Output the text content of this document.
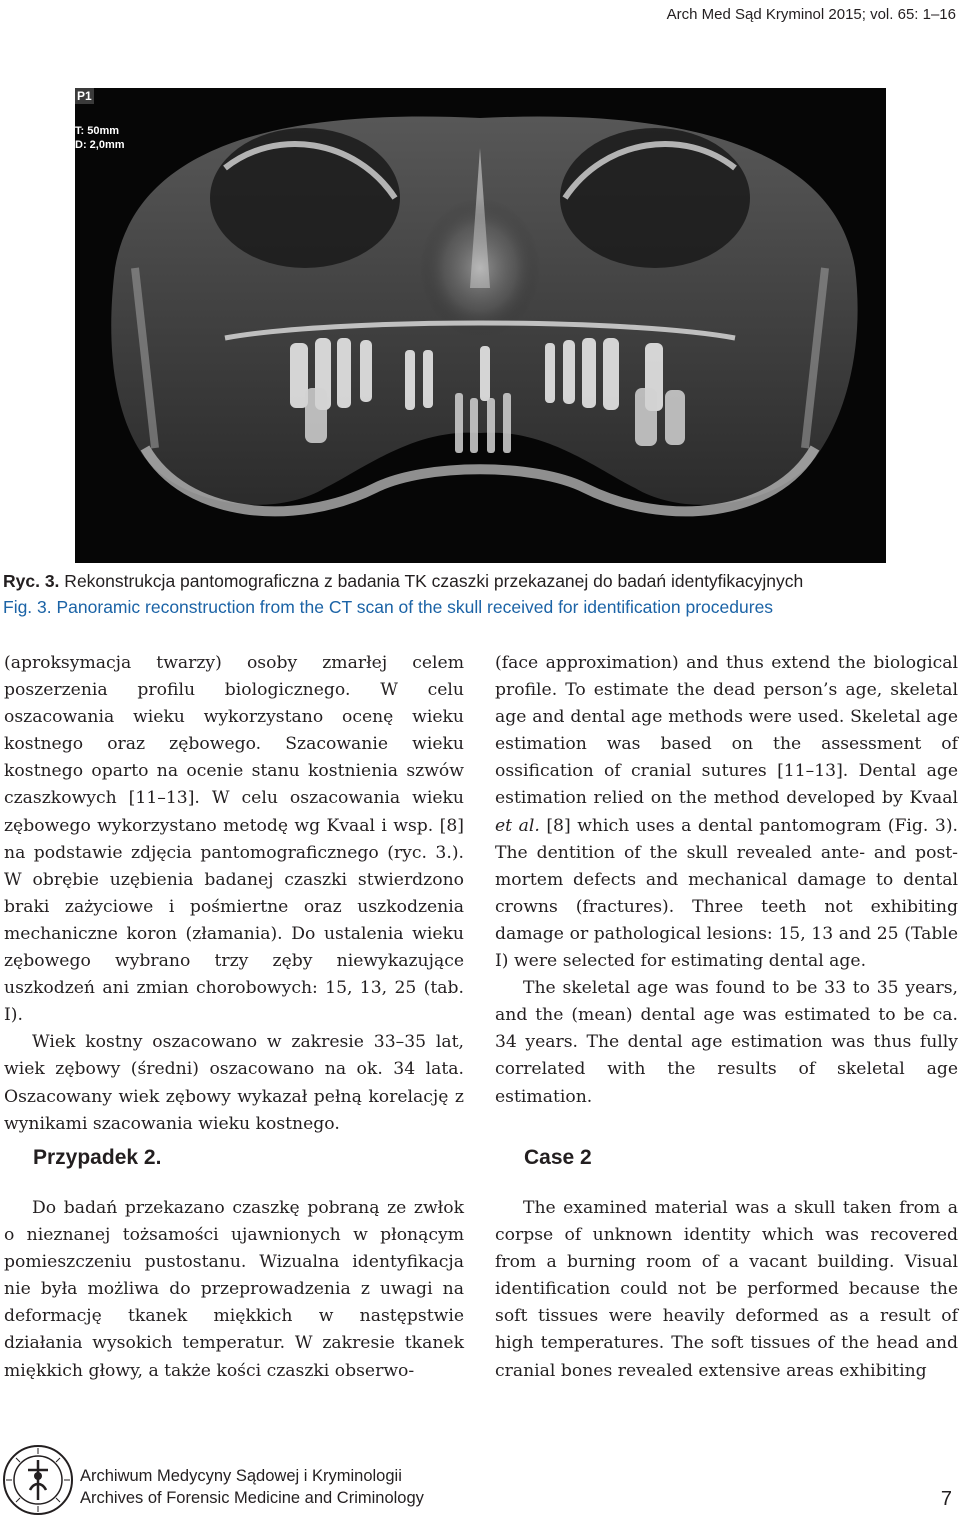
Arch Med Sąd Kryminol 2015; vol. 65: 1–16
P1
T: 50mm
D: 2,0mm
Ryc. 3. Rekonstrukcja pantomograficzna z badania TK czaszki przekazanej do badań identyfikacyjnych
Fig. 3. Panoramic reconstruction from the CT scan of the skull received for identification procedures

(aproksymacja twarzy) osoby zmarłej celem poszerzenia profilu biologicznego. W celu oszacowania wieku wykorzystano ocenę wieku kostnego oraz zębowego. Szacowanie wieku kostnego oparto na ocenie stanu kostnienia szwów czaszkowych [11–13]. W celu oszacowania wieku zębowego wykorzystano metodę wg Kvaal i wsp. [8] na podstawie zdjęcia pantomograficznego (ryc. 3.). W obrębie uzębienia badanej czaszki stwierdzono braki zażyciowe i pośmiertne oraz uszkodzenia mechaniczne koron (złamania). Do ustalenia wieku zębowego wybrano trzy zęby niewykazujące uszkodzeń ani zmian chorobowych: 15, 13, 25 (tab. I).

Wiek kostny oszacowano w zakresie 33–35 lat, wiek zębowy (średni) oszacowano na ok. 34 lata. Oszacowany wiek zębowy wykazał pełną korelację z wynikami szacowania wieku kostnego.

(face approximation) and thus extend the biological profile. To estimate the dead person’s age, skeletal age and dental age methods were used. Skeletal age estimation was based on the assessment of ossification of cranial sutures [11–13]. Dental age estimation relied on the method developed by Kvaal et al. [8] which uses a dental pantomogram (Fig. 3). The dentition of the skull revealed ante- and post-mortem defects and mechanical damage to dental crowns (fractures). Three teeth not exhibiting damage or pathological lesions: 15, 13 and 25 (Table I) were selected for estimating dental age.

The skeletal age was found to be 33 to 35 years, and the (mean) dental age was estimated to be ca. 34 years. The dental age estimation was thus fully correlated with the results of skeletal age estimation.

Przypadek 2.	Case 2

Do badań przekazano czaszkę pobraną ze zwłok o nieznanej tożsamości ujawnionych w płonącym pomieszczeniu pustostanu. Wizualna identyfikacja nie była możliwa do przeprowadzenia z uwagi na deformację tkanek miękkich w następstwie działania wysokich temperatur. W zakresie tkanek miękkich głowy, a także kości czaszki obserwo-

The examined material was a skull taken from a corpse of unknown identity which was recovered from a burning room of a vacant building. Visual identification could not be performed because the soft tissues were heavily deformed as a result of high temperatures. The soft tissues of the head and cranial bones revealed extensive areas exhibiting

Archiwum Medycyny Sądowej i Kryminologii
Archives of Forensic Medicine and Criminology	7
